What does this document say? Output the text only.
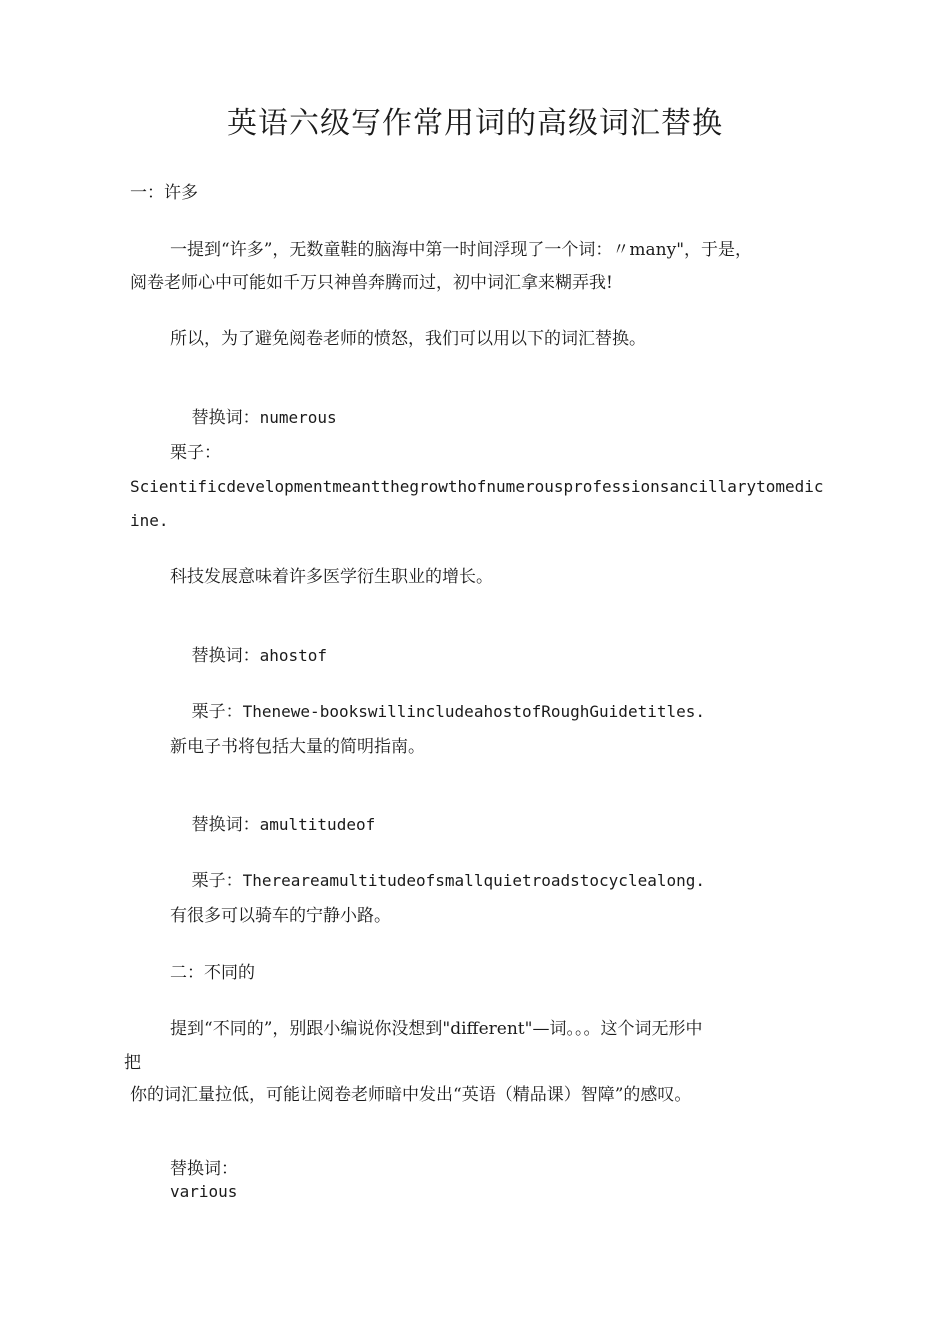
英语六级写作常用词的高级词汇替换
一：许多
一提到“许多”，无数童鞋的脑海中第一时间浮现了一个词：〃many"，于是，
阅卷老师心中可能如千万只神兽奔腾而过，初中词汇拿来糊弄我!
所以，为了避免阅卷老师的愤怒，我们可以用以下的词汇替换。

替换词：numerous

栗子：
Scientificdevelopmentmeantthegrowthofnumerousprofessionsancillarytomedic
ine.
科技发展意味着许多医学衍生职业的增长。

替换词：ahostof

栗子：Thenewe-bookswillincludeahostofRoughGuidetitles.

新电子书将包括大量的简明指南。

替换词：amultitudeof

栗子：Thereareamultitudeofsmallquietroadstocyclealong.

有很多可以骑车的宁静小路。
二：不同的
提到“不同的”，别跟小编说你没想到"different"—词。。。这个词无形中
把
你的词汇量拉低，可能让阅卷老师暗中发出“英语（精品课）智障”的感叹。
替换词：
various
